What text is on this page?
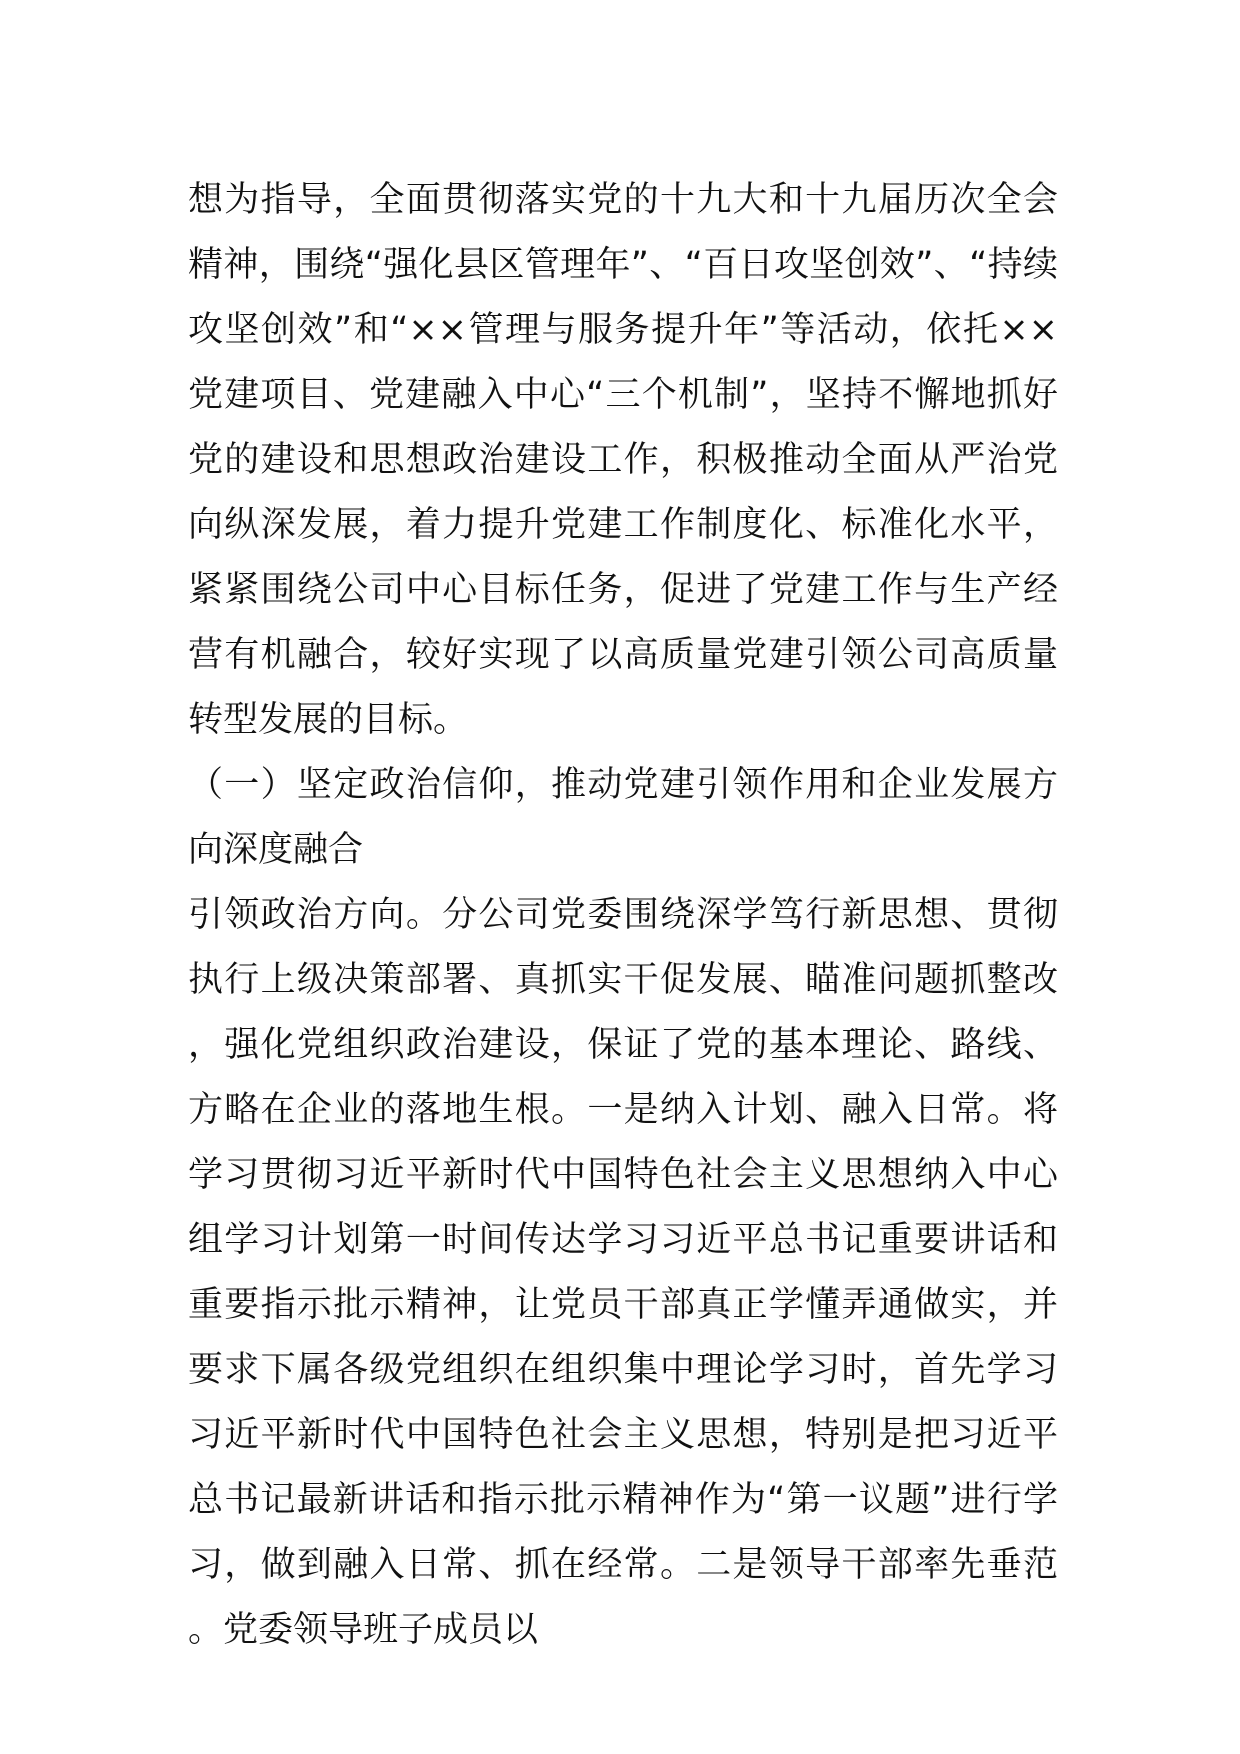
想为指导，全面贯彻落实党的十九大和十九届历次全会精神，围绕“强化县区管理年”、“百日攻坚创效”、“持续攻坚创效”和“××管理与服务提升年”等活动，依托××党建项目、党建融入中心“三个机制”，坚持不懈地抓好党的建设和思想政治建设工作，积极推动全面从严治党向纵深发展，着力提升党建工作制度化、标准化水平，紧紧围绕公司中心目标任务，促进了党建工作与生产经营有机融合，较好实现了以高质量党建引领公司高质量转型发展的目标。

（一）坚定政治信仰，推动党建引领作用和企业发展方向深度融合

引领政治方向。分公司党委围绕深学笃行新思想、贯彻执行上级决策部署、真抓实干促发展、瞄准问题抓整改，强化党组织政治建设，保证了党的基本理论、路线、方略在企业的落地生根。一是纳入计划、融入日常。将学习贯彻习近平新时代中国特色社会主义思想纳入中心组学习计划第一时间传达学习习近平总书记重要讲话和重要指示批示精神，让党员干部真正学懂弄通做实，并要求下属各级党组织在组织集中理论学习时，首先学习习近平新时代中国特色社会主义思想，特别是把习近平总书记最新讲话和指示批示精神作为“第一议题”进行学习，做到融入日常、抓在经常。二是领导干部率先垂范。党委领导班子成员以
